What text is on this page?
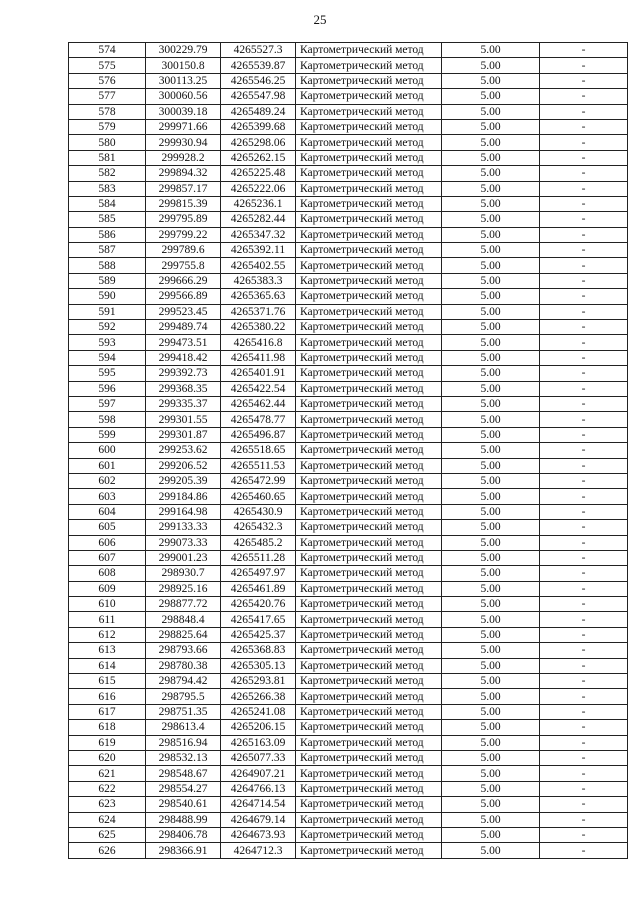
25
574	300229.79	4265527.3	Картометрический метод	5.00	-
575	300150.8	4265539.87	Картометрический метод	5.00	-
576	300113.25	4265546.25	Картометрический метод	5.00	-
577	300060.56	4265547.98	Картометрический метод	5.00	-
578	300039.18	4265489.24	Картометрический метод	5.00	-
579	299971.66	4265399.68	Картометрический метод	5.00	-
580	299930.94	4265298.06	Картометрический метод	5.00	-
581	299928.2	4265262.15	Картометрический метод	5.00	-
582	299894.32	4265225.48	Картометрический метод	5.00	-
583	299857.17	4265222.06	Картометрический метод	5.00	-
584	299815.39	4265236.1	Картометрический метод	5.00	-
585	299795.89	4265282.44	Картометрический метод	5.00	-
586	299799.22	4265347.32	Картометрический метод	5.00	-
587	299789.6	4265392.11	Картометрический метод	5.00	-
588	299755.8	4265402.55	Картометрический метод	5.00	-
589	299666.29	4265383.3	Картометрический метод	5.00	-
590	299566.89	4265365.63	Картометрический метод	5.00	-
591	299523.45	4265371.76	Картометрический метод	5.00	-
592	299489.74	4265380.22	Картометрический метод	5.00	-
593	299473.51	4265416.8	Картометрический метод	5.00	-
594	299418.42	4265411.98	Картометрический метод	5.00	-
595	299392.73	4265401.91	Картометрический метод	5.00	-
596	299368.35	4265422.54	Картометрический метод	5.00	-
597	299335.37	4265462.44	Картометрический метод	5.00	-
598	299301.55	4265478.77	Картометрический метод	5.00	-
599	299301.87	4265496.87	Картометрический метод	5.00	-
600	299253.62	4265518.65	Картометрический метод	5.00	-
601	299206.52	4265511.53	Картометрический метод	5.00	-
602	299205.39	4265472.99	Картометрический метод	5.00	-
603	299184.86	4265460.65	Картометрический метод	5.00	-
604	299164.98	4265430.9	Картометрический метод	5.00	-
605	299133.33	4265432.3	Картометрический метод	5.00	-
606	299073.33	4265485.2	Картометрический метод	5.00	-
607	299001.23	4265511.28	Картометрический метод	5.00	-
608	298930.7	4265497.97	Картометрический метод	5.00	-
609	298925.16	4265461.89	Картометрический метод	5.00	-
610	298877.72	4265420.76	Картометрический метод	5.00	-
611	298848.4	4265417.65	Картометрический метод	5.00	-
612	298825.64	4265425.37	Картометрический метод	5.00	-
613	298793.66	4265368.83	Картометрический метод	5.00	-
614	298780.38	4265305.13	Картометрический метод	5.00	-
615	298794.42	4265293.81	Картометрический метод	5.00	-
616	298795.5	4265266.38	Картометрический метод	5.00	-
617	298751.35	4265241.08	Картометрический метод	5.00	-
618	298613.4	4265206.15	Картометрический метод	5.00	-
619	298516.94	4265163.09	Картометрический метод	5.00	-
620	298532.13	4265077.33	Картометрический метод	5.00	-
621	298548.67	4264907.21	Картометрический метод	5.00	-
622	298554.27	4264766.13	Картометрический метод	5.00	-
623	298540.61	4264714.54	Картометрический метод	5.00	-
624	298488.99	4264679.14	Картометрический метод	5.00	-
625	298406.78	4264673.93	Картометрический метод	5.00	-
626	298366.91	4264712.3	Картометрический метод	5.00	-
